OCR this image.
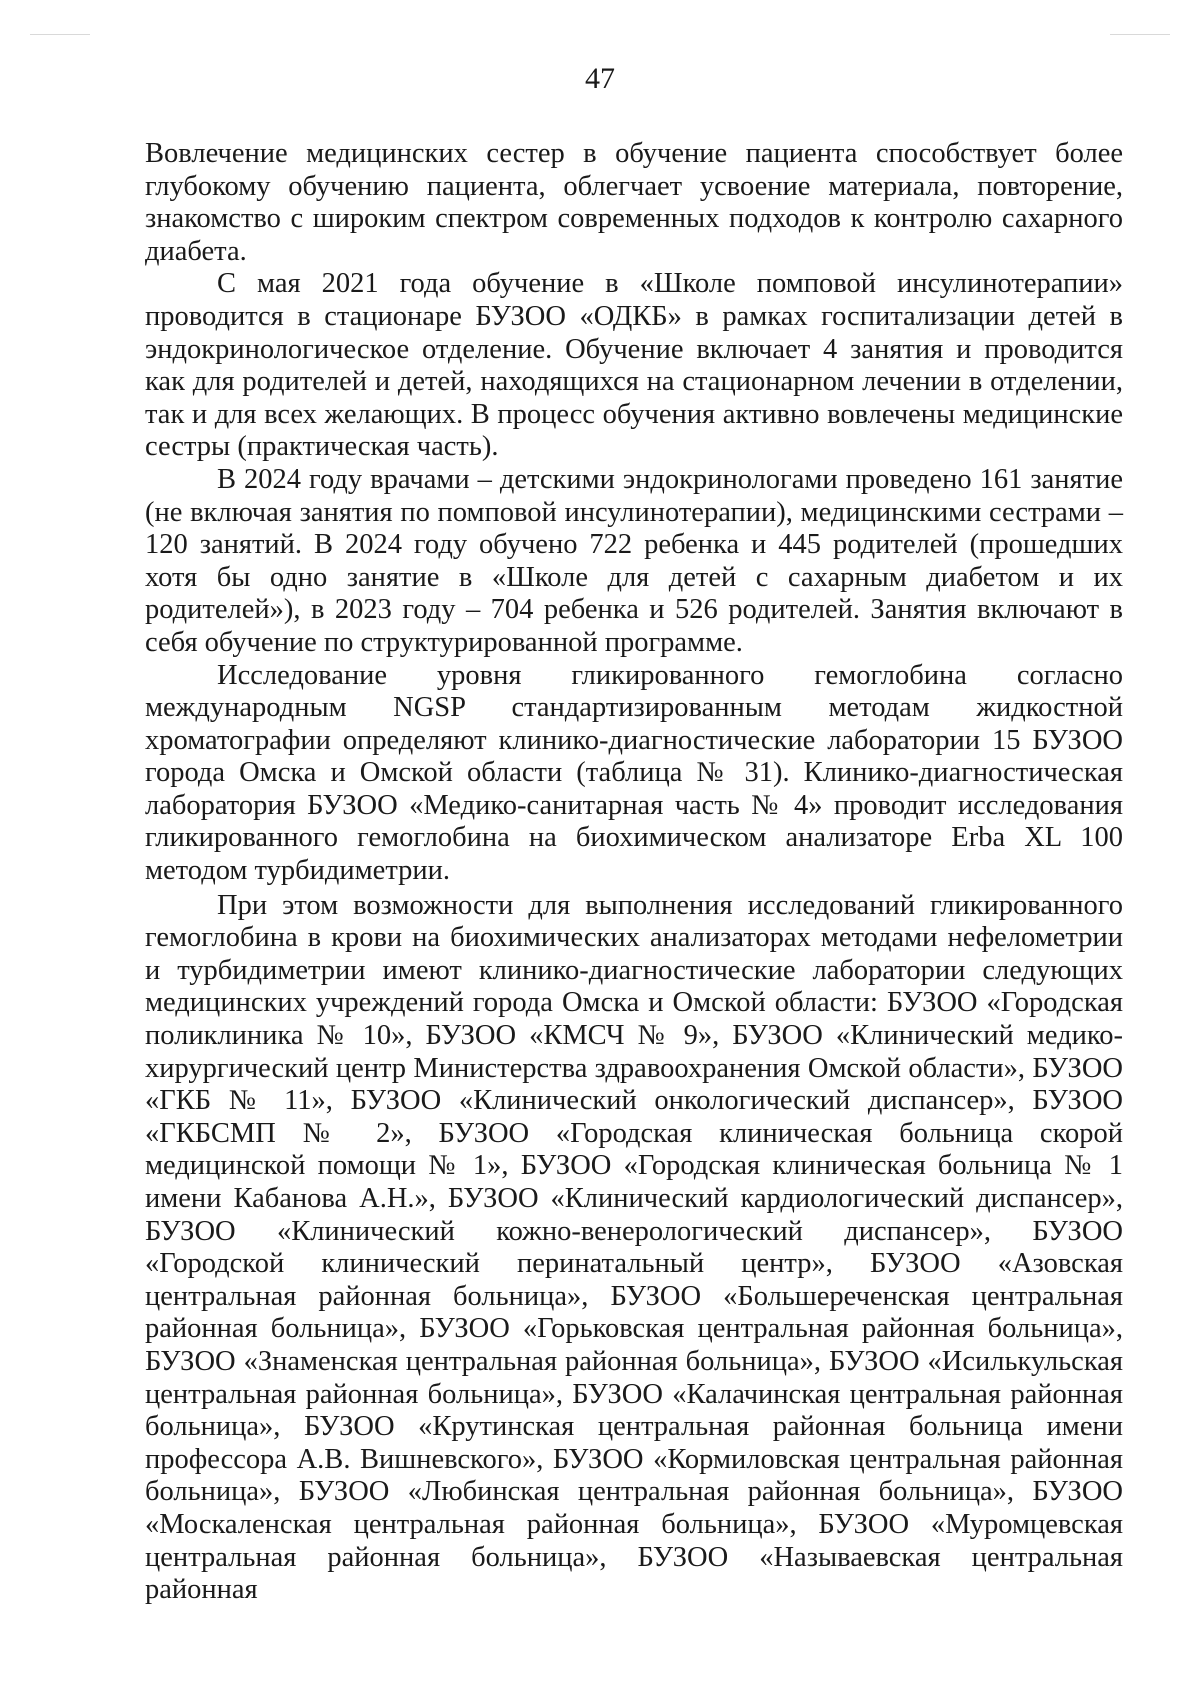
47

Вовлечение медицинских сестер в обучение пациента способствует более глубокому обучению пациента, облегчает усвоение материала, повторение, знакомство с широким спектром современных подходов к контролю сахарного диабета.

С мая 2021 года обучение в «Школе помповой инсулинотерапии» проводится в стационаре БУЗОО «ОДКБ» в рамках госпитализации детей в эндокринологическое отделение. Обучение включает 4 занятия и проводится как для родителей и детей, находящихся на стационарном лечении в отделении, так и для всех желающих. В процесс обучения активно вовлечены медицинские сестры (практическая часть).

В 2024 году врачами – детскими эндокринологами проведено 161 занятие (не включая занятия по помповой инсулинотерапии), медицинскими сестрами – 120 занятий. В 2024 году обучено 722 ребенка и 445 родителей (прошедших хотя бы одно занятие в «Школе для детей с сахарным диабетом и их родителей»), в 2023 году – 704 ребенка и 526 родителей. Занятия включают в себя обучение по структурированной программе.

Исследование уровня гликированного гемоглобина согласно международным NGSP стандартизированным методам жидкостной хроматографии определяют клинико-диагностические лаборатории 15 БУЗОО города Омска и Омской области (таблица № 31). Клинико-диагностическая лаборатория БУЗОО «Медико-санитарная часть № 4» проводит исследования гликированного гемоглобина на биохимическом анализаторе Erba XL 100 методом турбидиметрии.

При этом возможности для выполнения исследований гликированного гемоглобина в крови на биохимических анализаторах методами нефелометрии и турбидиметрии имеют клинико-диагностические лаборатории следующих медицинских учреждений города Омска и Омской области: БУЗОО «Городская поликлиника № 10», БУЗОО «КМСЧ № 9», БУЗОО «Клинический медико-хирургический центр Министерства здравоохранения Омской области», БУЗОО «ГКБ № 11», БУЗОО «Клинический онкологический диспансер», БУЗОО «ГКБСМП № 2», БУЗОО «Городская клиническая больница скорой медицинской помощи № 1», БУЗОО «Городская клиническая больница № 1 имени Кабанова А.Н.», БУЗОО «Клинический кардиологический диспансер», БУЗОО «Клинический кожно-венерологический диспансер», БУЗОО «Городской клинический перинатальный центр», БУЗОО «Азовская центральная районная больница», БУЗОО «Большереченская центральная районная больница», БУЗОО «Горьковская центральная районная больница», БУЗОО «Знаменская центральная районная больница», БУЗОО «Исилькульская центральная районная больница», БУЗОО «Калачинская центральная районная больница», БУЗОО «Крутинская центральная районная больница имени профессора А.В. Вишневского», БУЗОО «Кормиловская центральная районная больница», БУЗОО «Любинская центральная районная больница», БУЗОО «Москаленская центральная районная больница», БУЗОО «Муромцевская центральная районная больница», БУЗОО «Называевская центральная районная
